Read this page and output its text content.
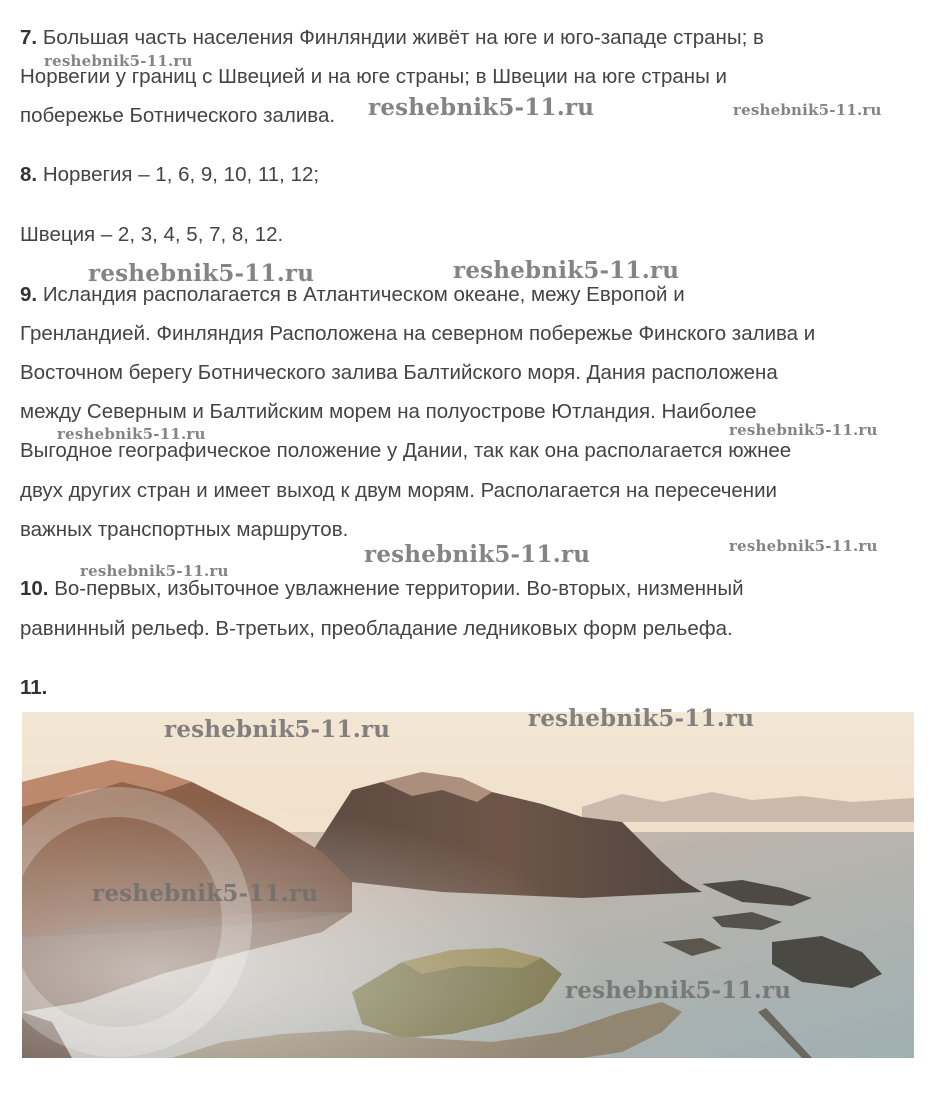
7. Большая часть населения Финляндии живёт на юге и юго-западе страны; в

Норвегии у границ с Швецией и на юге страны; в Швеции на юге страны и

побережье Ботнического залива.

8. Норвегия – 1, 6, 9, 10, 11, 12;

Швеция – 2, 3, 4, 5, 7, 8, 12.

9. Исландия располагается в Атлантическом океане, межу Европой и

Гренландией. Финляндия Расположена на северном побережье Финского залива и

Восточном берегу Ботнического залива Балтийского моря. Дания расположена

между Северным и Балтийским морем на полуострове Ютландия. Наиболее

Выгодное географическое положение у Дании, так как она располагается южнее

двух других стран и имеет выход к двум морям. Располагается на пересечении

важных транспортных маршрутов.

10. Во-первых, избыточное увлажнение территории. Во-вторых, низменный

равнинный рельеф. В-третьих, преобладание ледниковых форм рельефа.

11.

reshebnik5-11.ru
reshebnik5-11.ru	reshebnik5-11.ru
reshebnik5-11.ru	reshebnik5-11.ru
reshebnik5-11.ru	reshebnik5-11.ru
reshebnik5-11.ru	reshebnik5-11.ru
reshebnik5-11.ru
reshebnik5-11.ru	reshebnik5-11.ru
reshebnik5-11.ru
reshebnik5-11.ru
